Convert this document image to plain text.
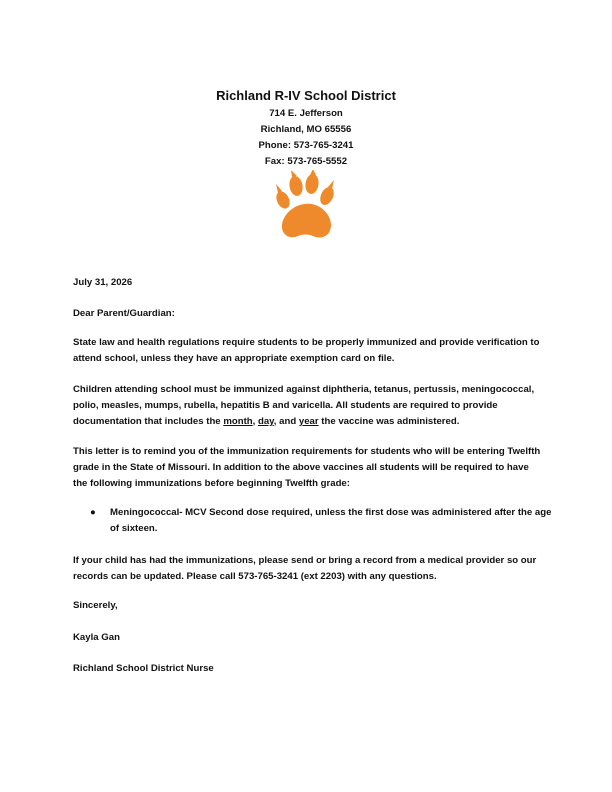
Richland R-IV School District
714 E. Jefferson
Richland, MO 65556
Phone: 573-765-3241
Fax: 573-765-5552
July 31, 2026
Dear Parent/Guardian:
State law and health regulations require students to be properly immunized and provide verification to attend school, unless they have an appropriate exemption card on file.
Children attending school must be immunized against diphtheria, tetanus, pertussis, meningococcal, polio, measles, mumps, rubella, hepatitis B and varicella. All students are required to provide documentation that includes the month, day, and year the vaccine was administered.
This letter is to remind you of the immunization requirements for students who will be entering Twelfth grade in the State of Missouri. In addition to the above vaccines all students will be required to have the following immunizations before beginning Twelfth grade:
● Meningococcal- MCV Second dose required, unless the first dose was administered after the age of sixteen.
If your child has had the immunizations, please send or bring a record from a medical provider so our records can be updated. Please call 573-765-3241 (ext 2203) with any questions.
Sincerely,
Kayla Gan
Richland School District Nurse
